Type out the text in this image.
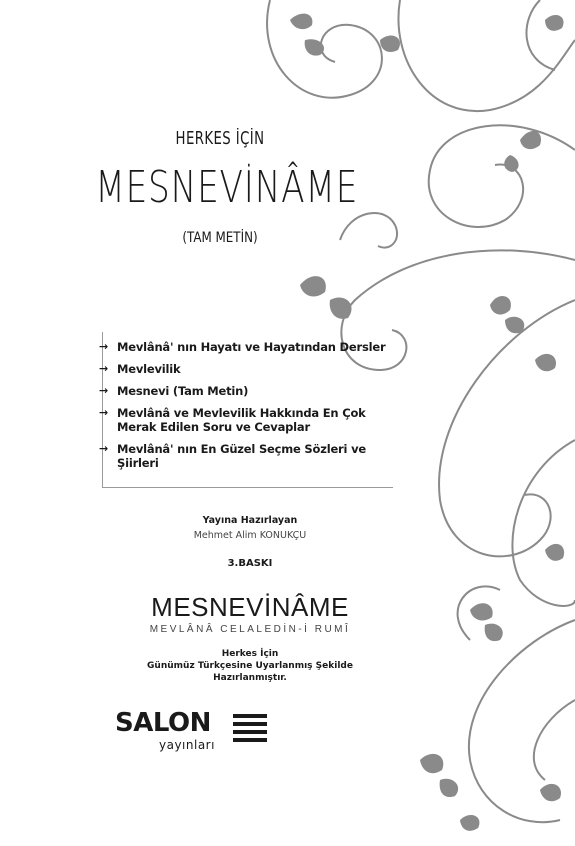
HERKES İÇİN
MESNEVİNÂME
(TAM METİN)
→ Mevlânâ' nın Hayatı ve Hayatından Dersler
→ Mevlevilik
→ Mesnevi (Tam Metin)
→ Mevlânâ ve Mevlevilik Hakkında En Çok Merak Edilen Soru ve Cevaplar
→ Mevlânâ' nın En Güzel Seçme Sözleri ve Şiirleri
Yayına Hazırlayan
Mehmet Alim KONUKÇU
3.BASKI
MESNEVİNÂME
MEVLÂNÂ CELALEDİN-İ RUMÎ
Herkes İçin
Günümüz Türkçesine Uyarlanmış Şekilde
Hazırlanmıştır.
SALON
yayınları
